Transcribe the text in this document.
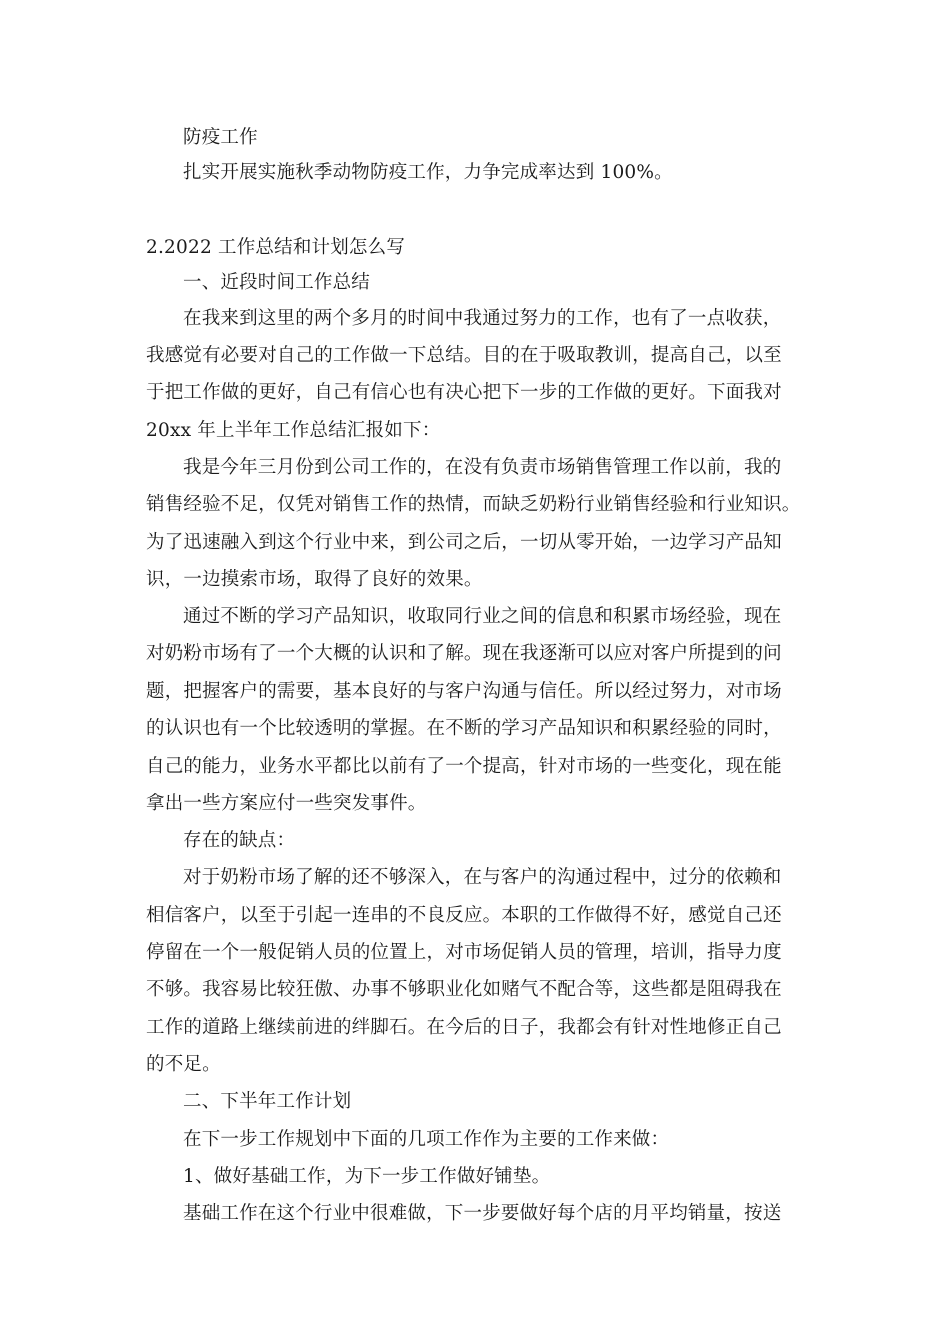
防疫工作
扎实开展实施秋季动物防疫工作，力争完成率达到 100%。
2.2022 工作总结和计划怎么写
一、近段时间工作总结
在我来到这里的两个多月的时间中我通过努力的工作，也有了一点收获，
我感觉有必要对自己的工作做一下总结。目的在于吸取教训，提高自己，以至
于把工作做的更好，自己有信心也有决心把下一步的工作做的更好。下面我对
20xx 年上半年工作总结汇报如下：
我是今年三月份到公司工作的，在没有负责市场销售管理工作以前，我的
销售经验不足，仅凭对销售工作的热情，而缺乏奶粉行业销售经验和行业知识。
为了迅速融入到这个行业中来，到公司之后，一切从零开始，一边学习产品知
识，一边摸索市场，取得了良好的效果。
通过不断的学习产品知识，收取同行业之间的信息和积累市场经验，现在
对奶粉市场有了一个大概的认识和了解。现在我逐渐可以应对客户所提到的问
题，把握客户的需要，基本良好的与客户沟通与信任。所以经过努力，对市场
的认识也有一个比较透明的掌握。在不断的学习产品知识和积累经验的同时，
自己的能力，业务水平都比以前有了一个提高，针对市场的一些变化，现在能
拿出一些方案应付一些突发事件。
存在的缺点：
对于奶粉市场了解的还不够深入，在与客户的沟通过程中，过分的依赖和
相信客户，以至于引起一连串的不良反应。本职的工作做得不好，感觉自己还
停留在一个一般促销人员的位置上，对市场促销人员的管理，培训，指导力度
不够。我容易比较狂傲、办事不够职业化如赌气不配合等，这些都是阻碍我在
工作的道路上继续前进的绊脚石。在今后的日子，我都会有针对性地修正自己
的不足。
二、下半年工作计划
在下一步工作规划中下面的几项工作作为主要的工作来做：
1、做好基础工作，为下一步工作做好铺垫。
基础工作在这个行业中很难做，下一步要做好每个店的月平均销量，按送
